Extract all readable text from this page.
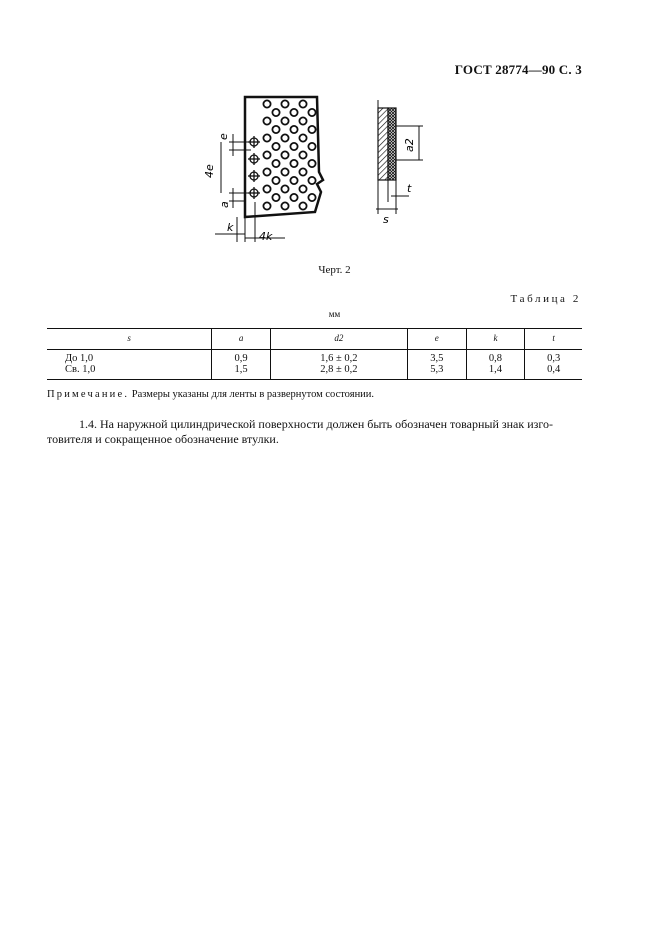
ГОСТ 28774—90 С. 3
e
4e
a
k
4k
a2
t
s
Черт. 2
Таблица 2
мм
s	a	d2	e	k	t
До 1,0	0,9	1,6 ± 0,2	3,5	0,8	0,3
Св. 1,0	1,5	2,8 ± 0,2	5,3	1,4	0,4
Примечание. Размеры указаны для ленты в развернутом состоянии.
1.4. На наружной цилиндрической поверхности должен быть обозначен товарный знак изго-
товителя и сокращенное обозначение втулки.
